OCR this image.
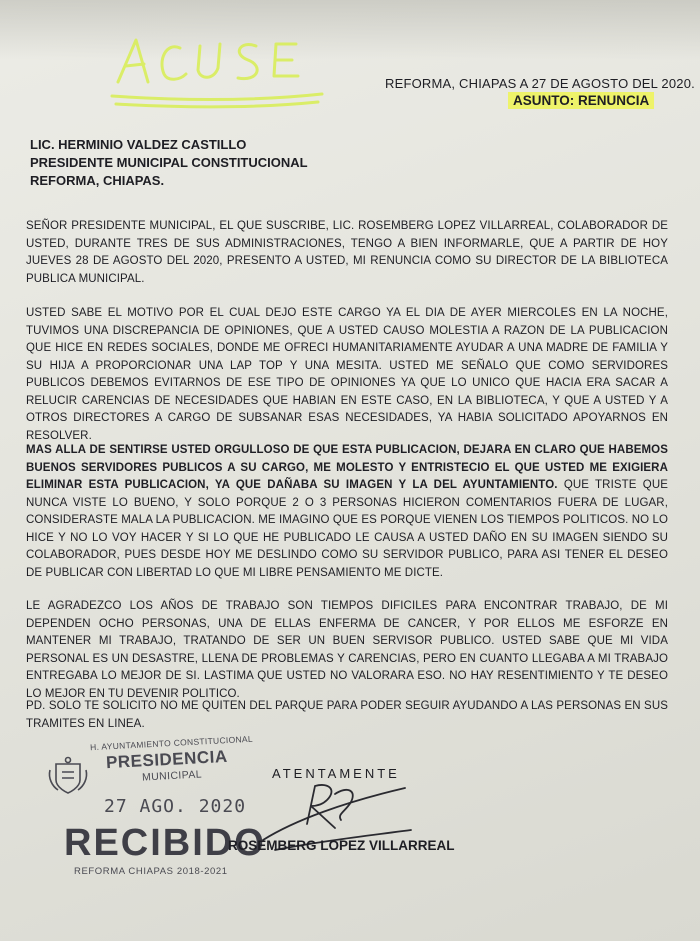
REFORMA, CHIAPAS A 27 DE AGOSTO DEL 2020.
ASUNTO: RENUNCIA
LIC. HERMINIO VALDEZ CASTILLO
PRESIDENTE MUNICIPAL CONSTITUCIONAL
REFORMA, CHIAPAS.
SEÑOR PRESIDENTE MUNICIPAL, EL QUE SUSCRIBE, LIC. ROSEMBERG LOPEZ VILLARREAL, COLABORADOR DE USTED, DURANTE TRES DE SUS ADMINISTRACIONES, TENGO A BIEN INFORMARLE, QUE A PARTIR DE HOY JUEVES 28 DE AGOSTO DEL 2020, PRESENTO A USTED, MI RENUNCIA COMO SU DIRECTOR DE LA BIBLIOTECA PUBLICA MUNICIPAL.
USTED SABE EL MOTIVO POR EL CUAL DEJO ESTE CARGO YA EL DIA DE AYER MIERCOLES EN LA NOCHE, TUVIMOS UNA DISCREPANCIA DE OPINIONES, QUE A USTED CAUSO MOLESTIA A RAZON DE LA PUBLICACION QUE HICE EN REDES SOCIALES, DONDE ME OFRECI HUMANITARIAMENTE AYUDAR A UNA MADRE DE FAMILIA Y SU HIJA A PROPORCIONAR UNA LAP TOP Y UNA MESITA. USTED ME SEÑALO QUE COMO SERVIDORES PUBLICOS DEBEMOS EVITARNOS DE ESE TIPO DE OPINIONES YA QUE LO UNICO QUE HACIA ERA SACAR A RELUCIR CARENCIAS DE NECESIDADES QUE HABIAN EN ESTE CASO, EN LA BIBLIOTECA, Y QUE A USTED Y A OTROS DIRECTORES A CARGO DE SUBSANAR ESAS NECESIDADES, YA HABIA SOLICITADO APOYARNOS EN RESOLVER.
MAS ALLA DE SENTIRSE USTED ORGULLOSO DE QUE ESTA PUBLICACION, DEJARA EN CLARO QUE HABEMOS BUENOS SERVIDORES PUBLICOS A SU CARGO, ME MOLESTO Y ENTRISTECIO EL QUE USTED ME EXIGIERA ELIMINAR ESTA PUBLICACION, YA QUE DAÑABA SU IMAGEN Y LA DEL AYUNTAMIENTO. QUE TRISTE QUE NUNCA VISTE LO BUENO, Y SOLO PORQUE 2 O 3 PERSONAS HICIERON COMENTARIOS FUERA DE LUGAR, CONSIDERASTE MALA LA PUBLICACION. ME IMAGINO QUE ES PORQUE VIENEN LOS TIEMPOS POLITICOS. NO LO HICE Y NO LO VOY HACER Y SI LO QUE HE PUBLICADO LE CAUSA A USTED DAÑO EN SU IMAGEN SIENDO SU COLABORADOR, PUES DESDE HOY ME DESLINDO COMO SU SERVIDOR PUBLICO, PARA ASI TENER EL DESEO DE PUBLICAR CON LIBERTAD LO QUE MI LIBRE PENSAMIENTO ME DICTE.
LE AGRADEZCO LOS AÑOS DE TRABAJO SON TIEMPOS DIFICILES PARA ENCONTRAR TRABAJO, DE MI DEPENDEN OCHO PERSONAS, UNA DE ELLAS ENFERMA DE CANCER, Y POR ELLOS ME ESFORZE EN MANTENER MI TRABAJO, TRATANDO DE SER UN BUEN SERVISOR PUBLICO. USTED SABE QUE MI VIDA PERSONAL ES UN DESASTRE, LLENA DE PROBLEMAS Y CARENCIAS, PERO EN CUANTO LLEGABA A MI TRABAJO ENTREGABA LO MEJOR DE SI. LASTIMA QUE USTED NO VALORARA ESO. NO HAY RESENTIMIENTO Y TE DESEO LO MEJOR EN TU DEVENIR POLITICO.
PD. SOLO TE SOLICITO NO ME QUITEN DEL PARQUE PARA PODER SEGUIR AYUDANDO A LAS PERSONAS EN SUS TRAMITES EN LINEA.
H. AYUNTAMIENTO CONSTITUCIONAL
PRESIDENCIA
MUNICIPAL
27 AGO. 2020
RECIBIDO
REFORMA CHIAPAS 2018-2021
ATENTAMENTE
ROSEMBERG LOPEZ VILLARREAL
